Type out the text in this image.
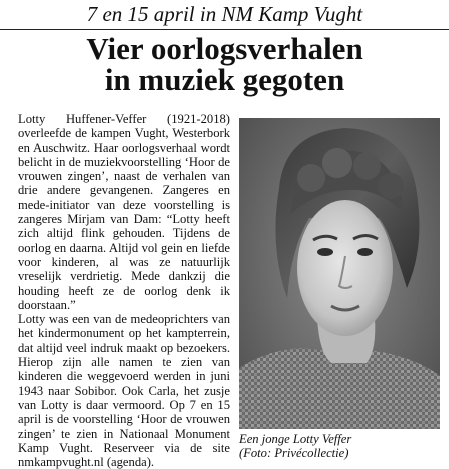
7 en 15 april in NM Kamp Vught
Vier oorlogsverhalen
in muziek gegoten

Lotty Huffener-Veffer (1921-2018) overleefde de kampen Vught, Westerbork en Auschwitz. Haar oorlogsverhaal wordt belicht in de muziekvoorstelling ‘Hoor de vrouwen zingen’, naast de verhalen van drie andere gevangenen. Zangeres en mede-initiator van deze voorstelling is zangeres Mirjam van Dam: “Lotty heeft zich altijd flink gehouden. Tijdens de oorlog en daarna. Altijd vol gein en liefde voor kinderen, al was ze natuurlijk vreselijk verdrietig. Mede dankzij die houding heeft ze de oorlog denk ik doorstaan.”

Lotty was een van de medeoprichters van het kindermonument op het kampterrein, dat altijd veel indruk maakt op bezoekers. Hierop zijn alle namen te zien van kinderen die weggevoerd werden in juni 1943 naar Sobibor. Ook Carla, het zusje van Lotty is daar vermoord. Op 7 en 15 april is de voorstelling ‘Hoor de vrouwen zingen’ te zien in Nationaal Monument Kamp Vught. Reserveer via de site nmkampvught.nl (agenda).

Een jonge Lotty Veffer
(Foto: Privécollectie)
